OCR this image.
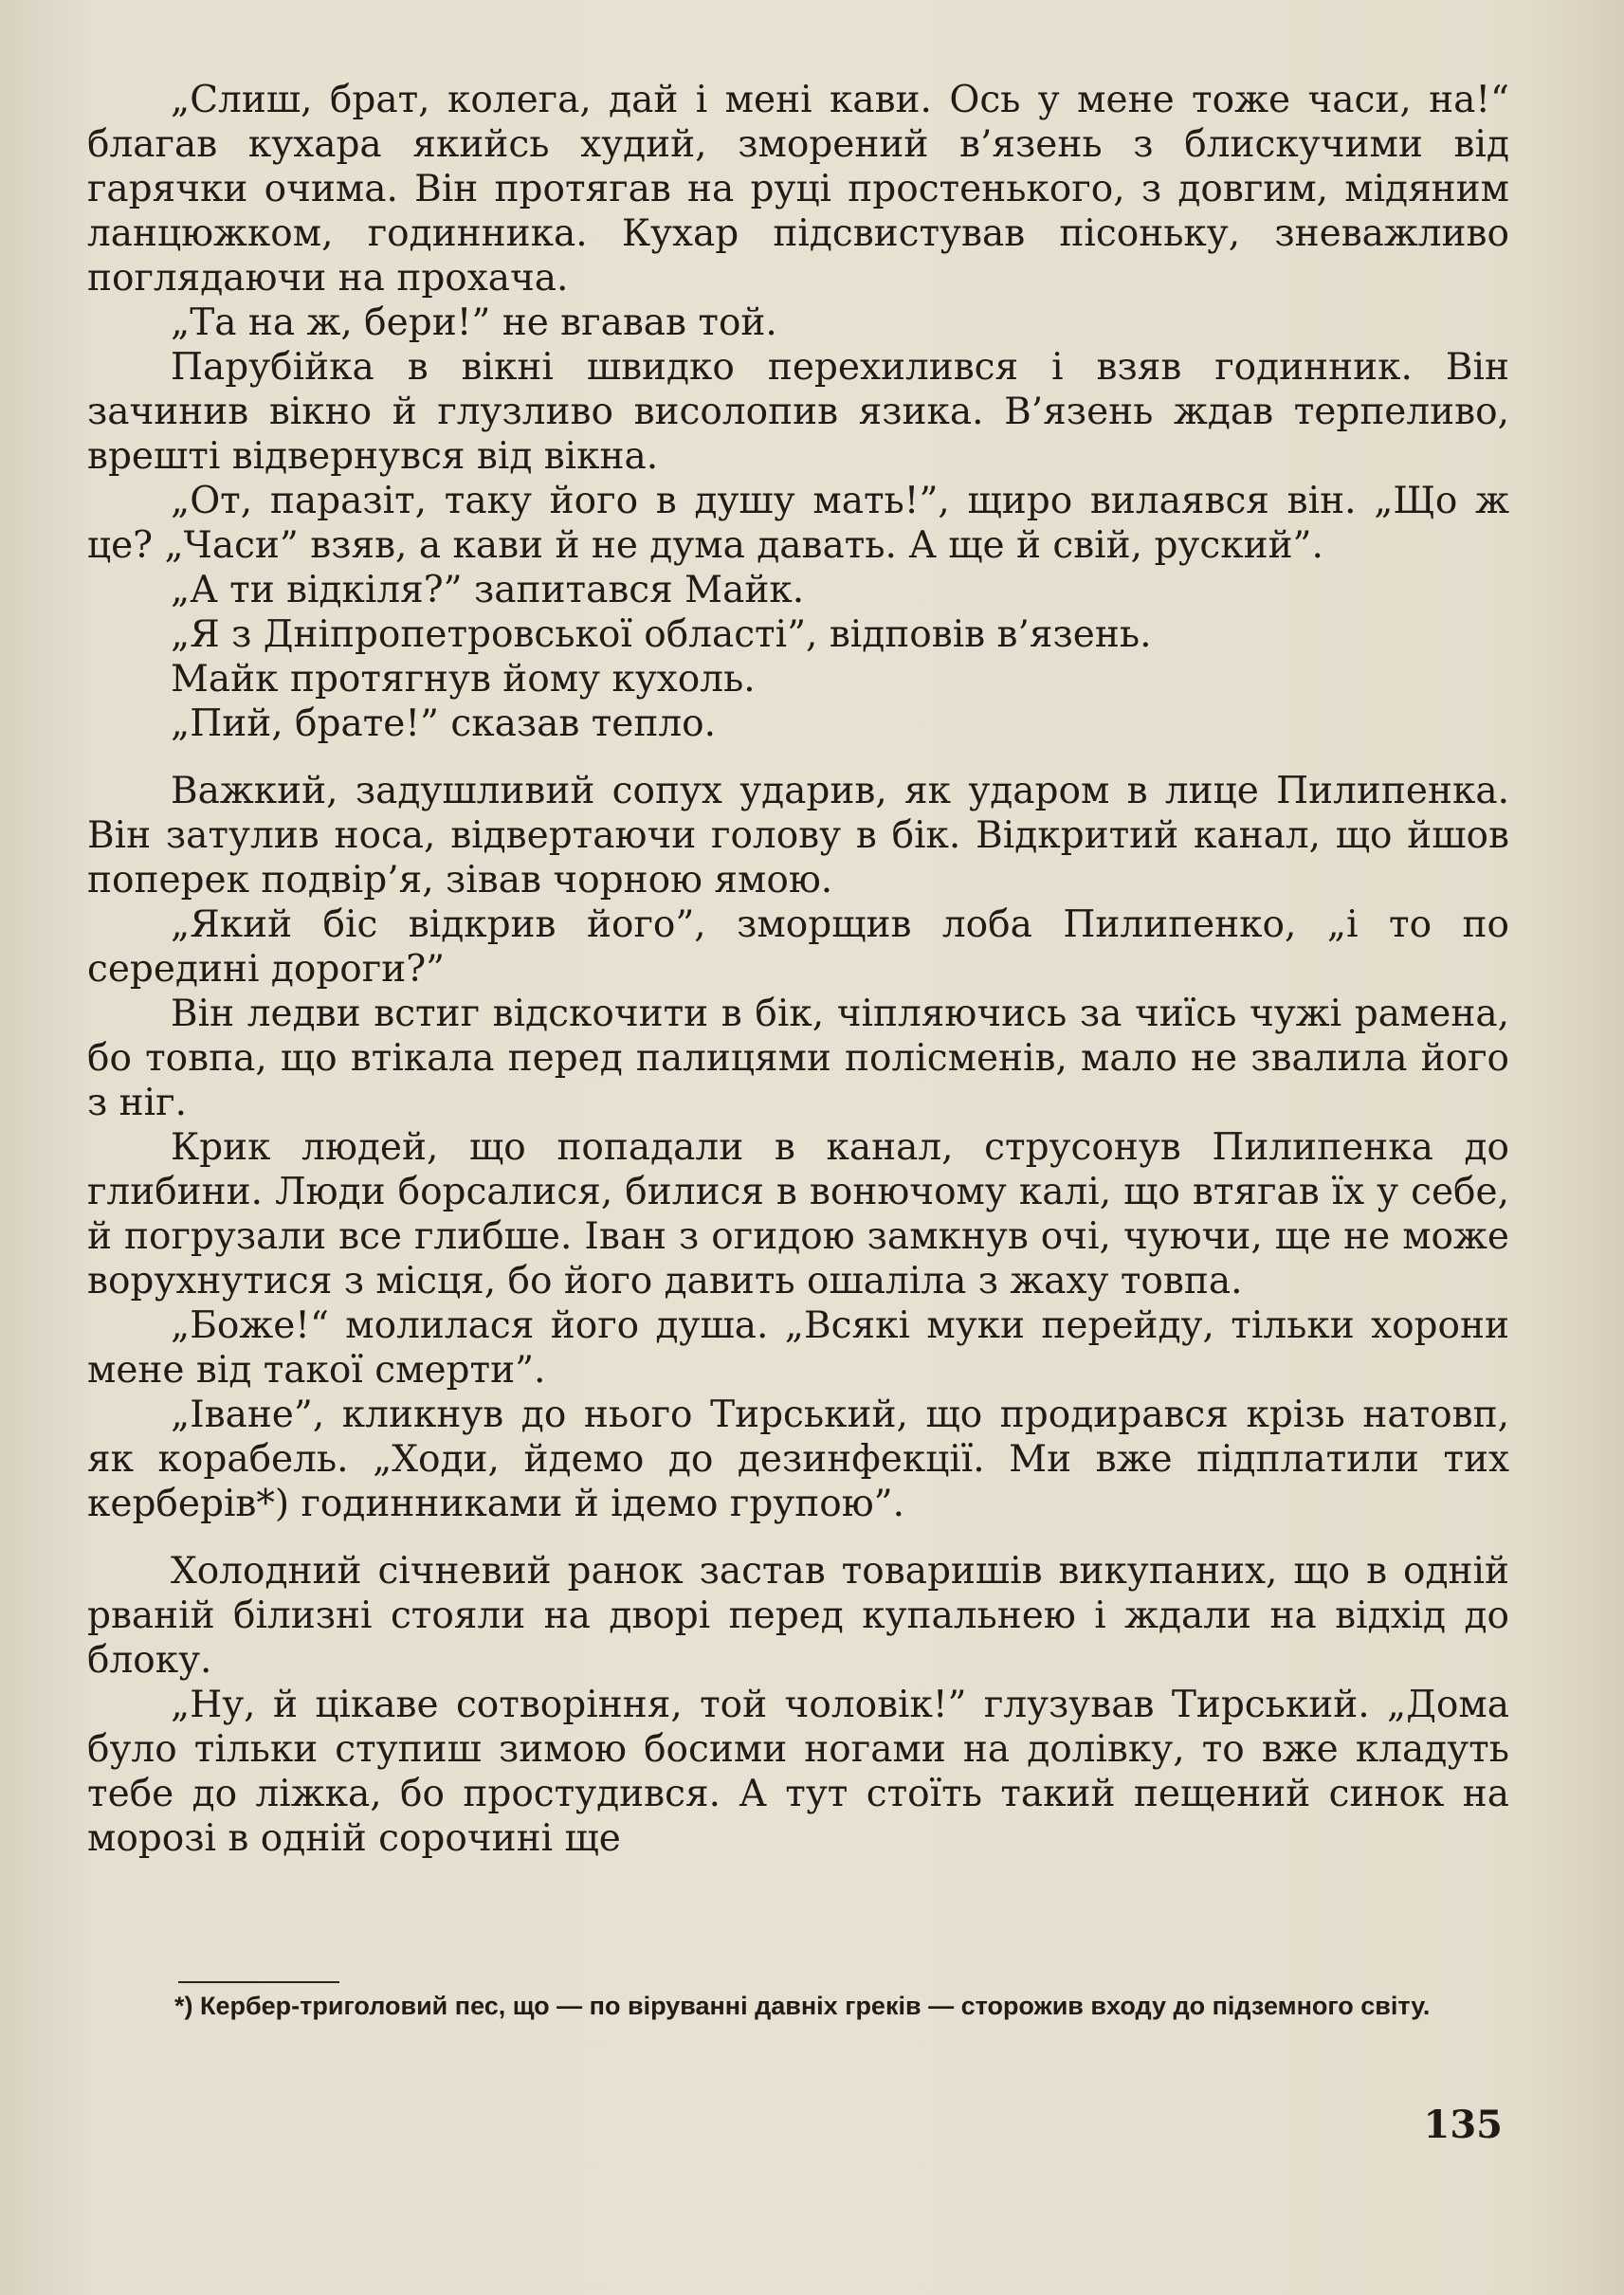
„Слиш, брат, колега, дай і мені кави. Ось у мене тоже часи, на!“ благав кухара якийсь худий, зморений в’язень з блискучими від гарячки очима. Він протягав на руці простенького, з довгим, мідяним ланцюжком, годинника. Кухар підсвистував пісоньку, зневажливо поглядаючи на прохача.

„Та на ж, бери!” не вгавав той.

Парубійка в вікні швидко перехилився і взяв годинник. Він зачинив вікно й глузливо висолопив язика. В’язень ждав терпеливо, врешті відвернувся від вікна.

„От, паразіт, таку його в душу мать!”, щиро вилаявся він. „Що ж це? „Часи” взяв, а кави й не дума давать. А ще й свій, руский”.

„А ти відкіля?” запитався Майк.

„Я з Дніпропетровської області”, відповів в’язень.

Майк протягнув йому кухоль.

„Пий, брате!” сказав тепло.

Важкий, задушливий сопух ударив, як ударом в лице Пилипенка. Він затулив носа, відвертаючи голову в бік. Відкритий канал, що йшов поперек подвір’я, зівав чорною ямою.

„Який біс відкрив його”, зморщив лоба Пилипенко, „і то по середині дороги?”

Він ледви встиг відскочити в бік, чіпляючись за чиїсь чужі рамена, бо товпа, що втікала перед палицями полісменів, мало не звалила його з ніг.

Крик людей, що попадали в канал, струсонув Пилипенка до глибини. Люди борсалися, билися в вонючому калі, що втягав їх у себе, й погрузали все глибше. Іван з огидою замкнув очі, чуючи, ще не може ворухнутися з місця, бо його давить ошаліла з жаху товпа.

„Боже!“ молилася його душа. „Всякі муки перейду, тільки хорони мене від такої смерти”.

„Іване”, кликнув до нього Тирський, що продирався крізь натовп, як корабель. „Ходи, йдемо до дезинфекції. Ми вже підплатили тих керберів*) годинниками й ідемо групою”.

Холодний січневий ранок застав товаришів викупаних, що в одній рваній білизні стояли на дворі перед купальнею і ждали на відхід до блоку.

„Ну, й цікаве сотворіння, той чоловік!” глузував Тирський. „Дома було тільки ступиш зимою босими ногами на долівку, то вже кладуть тебе до ліжка, бо простудився. А тут стоїть такий пещений синок на морозі в одній сорочині ще

*) Кербер-триголовий пес, що — по віруванні давніх греків — сторожив входу до підземного світу.

135
